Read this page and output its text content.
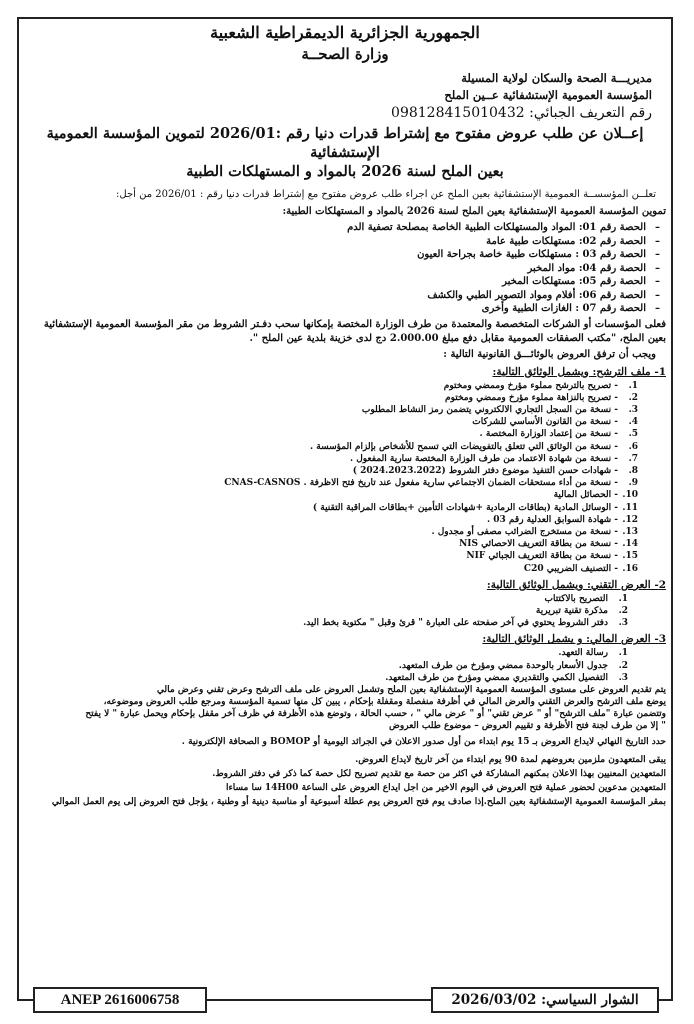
الجمهورية الجزائرية الديمقراطية الشعبية
وزارة الصحــة
مديريـــة الصحة والسكان لولاية المسيلة
المؤسسة العمومية الإستشفائية عــين الملح
رقم التعريف الجبائي: 098128415010432
إعــلان عن طلب عروض مفتوح مع إشتراط قدرات دنيا رقم :2026/01 لتموين المؤسسة العمومية الإستشفائية
بعين الملح لسنة 2026 بالمواد و المستهلكات الطبية
تعلــن المؤسســة العمومية الإستشفائية بعين الملح عن اجراء طلب عروض مفتوح مع إشتراط قدرات دنيا رقم : 2026/01 من أجل:
تموين المؤسسة العمومية الإستشفائية بعين الملح لسنة 2026 بالمواد و المستهلكات الطبية:
–الحصة رقم 01: المواد والمستهلكات الطبية الخاصة بمصلحة تصفية الدم
–الحصة رقم 02: مستهلكات طبية عامة
–الحصة رقم 03 : مستهلكات طبية خاصة بجراحة العيون
–الحصة رقم 04: مواد المخبر
–الحصة رقم 05: مستهلكات المخبر
–الحصة رقم 06: أفلام ومواد التصوير الطبي والكشف
–الحصة رقم 07 : الغازات الطبية وأخرى
فعلى المؤسسات أو الشركات المتخصصة والمعتمدة من طرف الوزارة المختصة بإمكانها سحب دفـتر الشروط من مقر المؤسسة العمومية الإستشفائية بعين الملح، "مكتب الصفقات العمومية مقابل دفع مبلغ 2.000.00 دج لدى خزينة بلدية عين الملح ".
ويجب أن ترفق العروض بالوثائـــق القانونية التالية :
1- ملف الترشح: ويشمل الوثائق التالية:
1.- تصريح بالترشح مملوء مؤرخ وممضي ومختوم
2.- تصريح بالنزاهة مملوء مؤرخ وممضي ومختوم
3.- نسخة من السجل التجاري الالكتروني يتضمن رمز النشاط المطلوب
4.- نسخة من القانون الأساسي للشركات
5.- نسخة من إعتماد الوزارة المختصة .
6.- نسخة من الوثائق التي تتعلق بالتفويضات التي تسمح للأشخاص بإلزام المؤسسة .
7.- نسخة من شهادة الاعتماد من طرف الوزارة المختصة سارية المفعول .
8.- شهادات حسن التنفيذ موضوع دفتر الشروط (2024.2023.2022 )
9.- نسخة من أداء مستحقات الضمان الاجتماعي سارية مفعول عند تاريخ فتح الاظرفة . CNAS-CASNOS
10.- الحصائل المالية
11.- الوسائل المادية (بطاقات الرمادية +شهادات التأمين +بطاقات المراقبة التقنية )
12.- شهادة السوابق العدلية رقم 03 .
13.- نسخة من مستخرج الضرائب مصفى أو مجدول .
14.- نسخة من بطاقة التعريف الاحصائي NIS
15.- نسخة من بطاقة التعريف الجبائي NIF
16.- التصنيف الضريبي C20
2- العرض التقني: ويشمل الوثائق التالية:
1.التصريح بالاكتتاب
2.مذكرة تقنية تبريرية
3.دفتر الشروط يحتوي في آخر صفحته على العبارة " قرئ وقبل " مكتوبة بخط اليد.
3- العرض المالي: و يشمل الوثائق التالية:
1.رسالة التعهد.
2.جدول الأسعار بالوحدة ممضي ومؤرخ من طرف المتعهد.
3.التفصيل الكمي والتقديري ممضي ومؤرخ من طرف المتعهد.
يتم تقديم العروض على مستوى المؤسسة العمومية الإستشفائية بعين الملح وتشمل العروض على ملف الترشح وعرض تقني وعرض مالي
يوضع ملف الترشح والعرض التقني والعرض المالي في أظرفة منفصلة ومقفلة بإحكام ، يبين كل منها تسمية المؤسسة ومرجع طلب العروض وموضوعه،
وتتضمن عبارة "ملف الترشح" أو " عرض تقني" أو " عرض مالي " ، حسب الحالة ، وتوضع هذه الأظرفة في ظرف آخر مقفل بإحكام ويحمل عبارة " لا يفتح
" إلا من طرف لجنة فتح الأظرفة و تقييم العروض – موضوع طلب العروض
حدد التاريخ النهائي لايداع العروض بـ 15 يوم ابتداء من أول صدور الاعلان في الجرائد اليومية أو BOMOP و الصحافة الإلكترونية .
يبقى المتعهدون ملزمين بعروضهم لمدة 90 يوم ابتداء من آخر تاريخ لايداع العروض.
المتعهدين المعنيين بهذا الاعلان بمكنهم المشاركة في اكثر من حصة مع تقديم تصريح لكل حصة كما ذكر في دفتر الشروط.
المتعهدين مدعوين لحضور عملية فتح العروض في اليوم الاخير من اجل ايداع العروض على الساعة 14H00 سا مساءا
بمقر المؤسسة العمومية الإستشفائية بعين الملح.إذا صادف يوم فتح العروض يوم عطلة أسبوعية أو مناسبة دينية أو وطنية ، يؤجل فتح العروض إلى يوم العمل الموالي
ANEP 2616006758	الشوار السياسي: 2026/03/02
